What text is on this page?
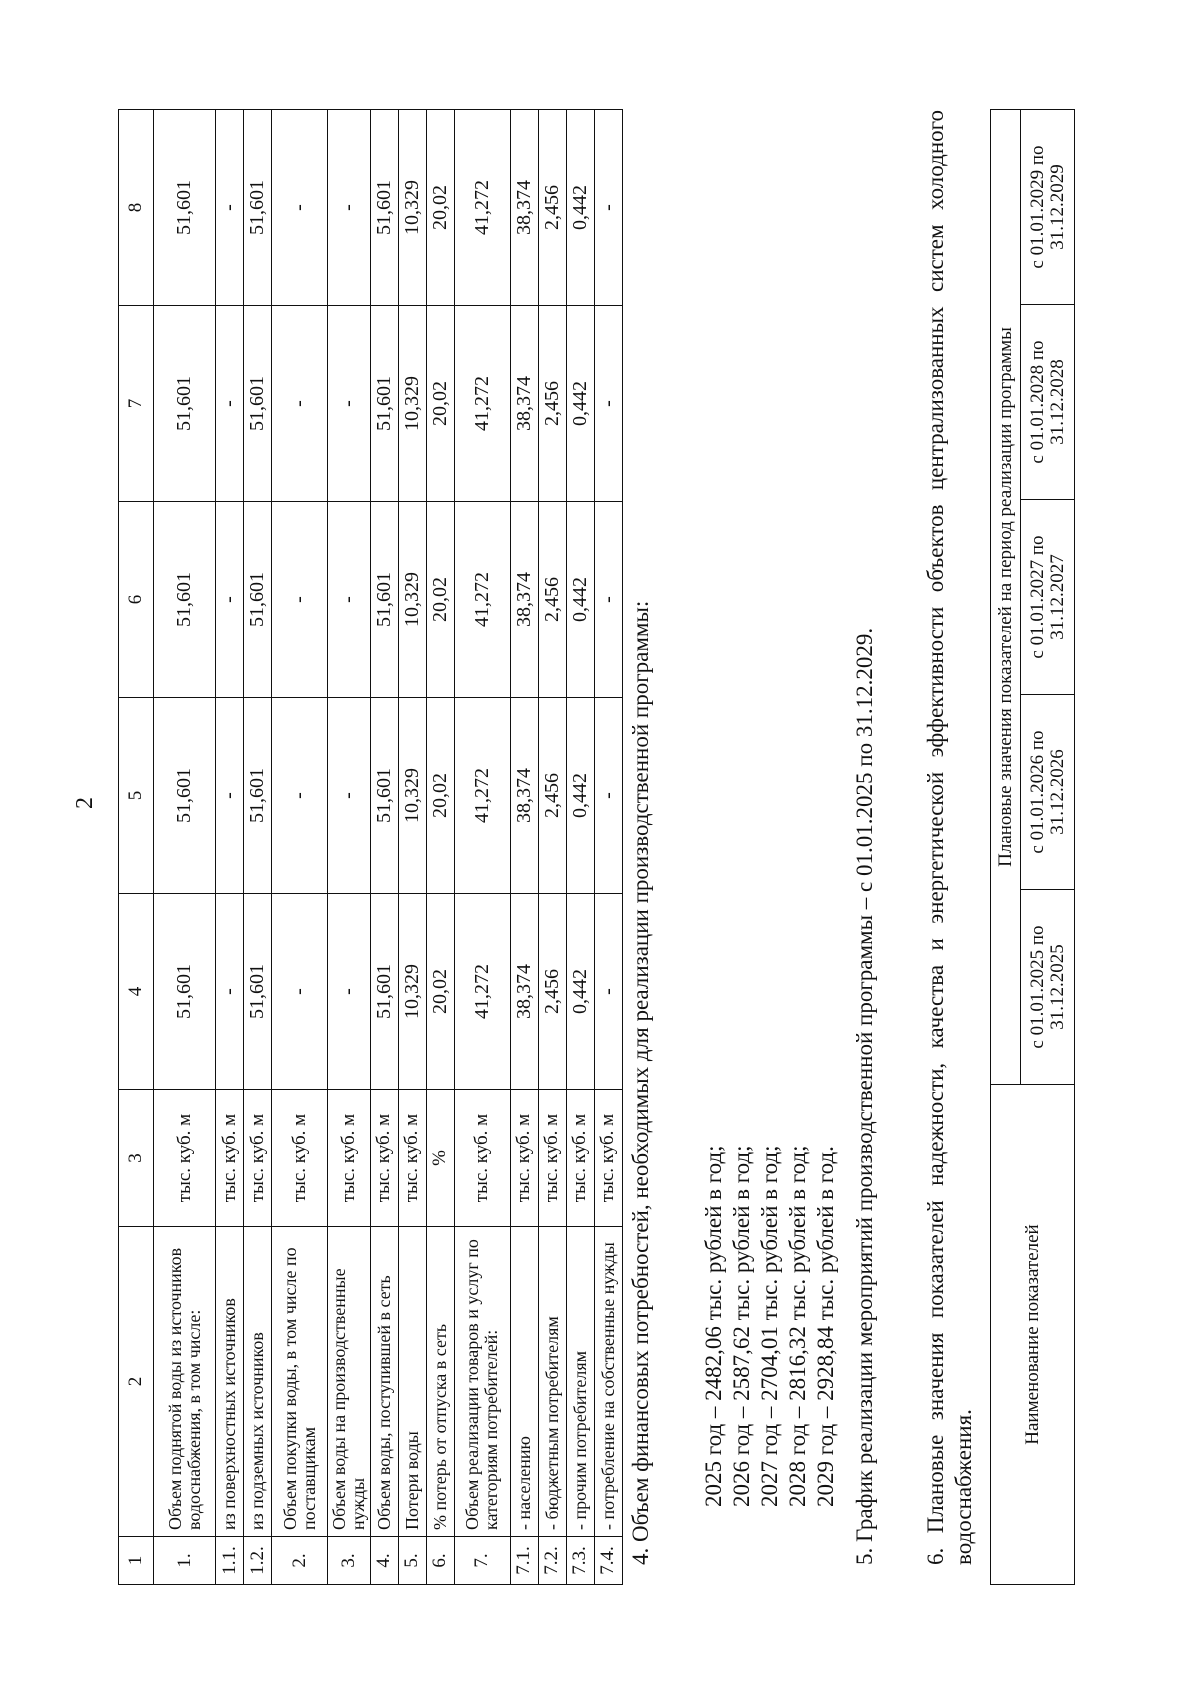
2
1	2	3	4	5	6	7	8
1.	Объем поднятой воды из источников водоснабжения, в том числе:	тыс. куб. м	51,601	51,601	51,601	51,601	51,601
1.1.	из поверхностных источников	тыс. куб. м	-	-	-	-	-
1.2.	из подземных источников	тыс. куб. м	51,601	51,601	51,601	51,601	51,601
2.	Объем покупки воды, в том числе по поставщикам	тыс. куб. м	-	-	-	-	-
3.	Объем воды на производственные нужды	тыс. куб. м	-	-	-	-	-
4.	Объем воды, поступившей в сеть	тыс. куб. м	51,601	51,601	51,601	51,601	51,601
5.	Потери воды	тыс. куб. м	10,329	10,329	10,329	10,329	10,329
6.	% потерь от отпуска в сеть	%	20,02	20,02	20,02	20,02	20,02
7.	Объем реализации товаров и услуг по категориям потребителей:	тыс. куб. м	41,272	41,272	41,272	41,272	41,272
7.1.	- населению	тыс. куб. м	38,374	38,374	38,374	38,374	38,374
7.2.	- бюджетным потребителям	тыс. куб. м	2,456	2,456	2,456	2,456	2,456
7.3.	- прочим потребителям	тыс. куб. м	0,442	0,442	0,442	0,442	0,442
7.4.	- потребление на собственные нужды	тыс. куб. м	-	-	-	-	-
4. Объем финансовых потребностей, необходимых для реализации производственной программы: 2025 год – 2482,06 тыс. рублей в год; 2026 год – 2587,62 тыс. рублей в год; 2027 год – 2704,01 тыс. рублей в год; 2028 год – 2816,32 тыс. рублей в год; 2029 год – 2928,84 тыс. рублей в год. 5. График реализации мероприятий производственной программы – с 01.01.2025 по 31.12.2029. 6. Плановые значения показателей надежности, качества и энергетической эффективности объектов централизованных систем холодного водоснабжения.
Наименование показателей	Плановые значения показателей на период реализации программы				
	с 01.01.2025 по 31.12.2025	с 01.01.2026 по 31.12.2026	с 01.01.2027 по 31.12.2027	с 01.01.2028 по 31.12.2028	с 01.01.2029 по 31.12.2029
